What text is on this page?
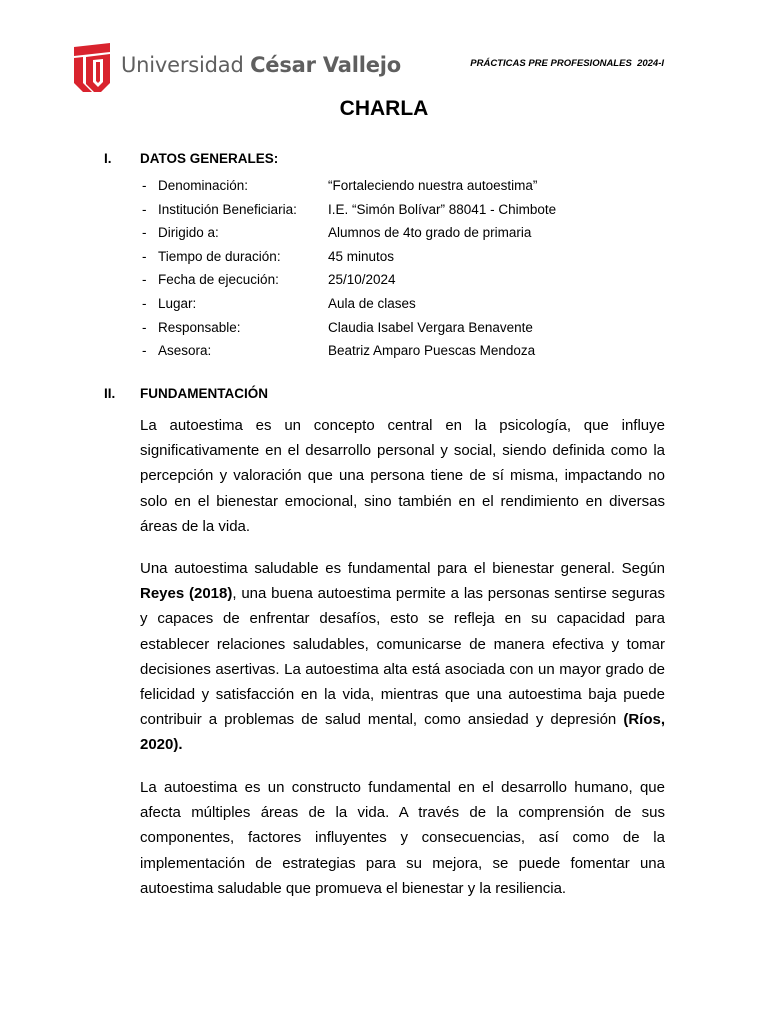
Universidad César Vallejo	PRÁCTICAS PRE PROFESIONALES  2024-I
CHARLA
I.	DATOS GENERALES:
- Denominación:	“Fortaleciendo nuestra autoestima”
- Institución Beneficiaria:	I.E. “Simón Bolívar” 88041 - Chimbote
- Dirigido a:	Alumnos de 4to grado de primaria
- Tiempo de duración:	45 minutos
- Fecha de ejecución:	25/10/2024
- Lugar:	Aula de clases
- Responsable:	Claudia Isabel Vergara Benavente
- Asesora:	Beatriz Amparo Puescas Mendoza
II.	FUNDAMENTACIÓN

La autoestima es un concepto central en la psicología, que influye significativamente en el desarrollo personal y social, siendo definida como la percepción y valoración que una persona tiene de sí misma, impactando no solo en el bienestar emocional, sino también en el rendimiento en diversas áreas de la vida.

Una autoestima saludable es fundamental para el bienestar general. Según Reyes (2018), una buena autoestima permite a las personas sentirse seguras y capaces de enfrentar desafíos, esto se refleja en su capacidad para establecer relaciones saludables, comunicarse de manera efectiva y tomar decisiones asertivas. La autoestima alta está asociada con un mayor grado de felicidad y satisfacción en la vida, mientras que una autoestima baja puede contribuir a problemas de salud mental, como ansiedad y depresión (Ríos, 2020).

La autoestima es un constructo fundamental en el desarrollo humano, que afecta múltiples áreas de la vida. A través de la comprensión de sus componentes, factores influyentes y consecuencias, así como de la implementación de estrategias para su mejora, se puede fomentar una autoestima saludable que promueva el bienestar y la resiliencia.
